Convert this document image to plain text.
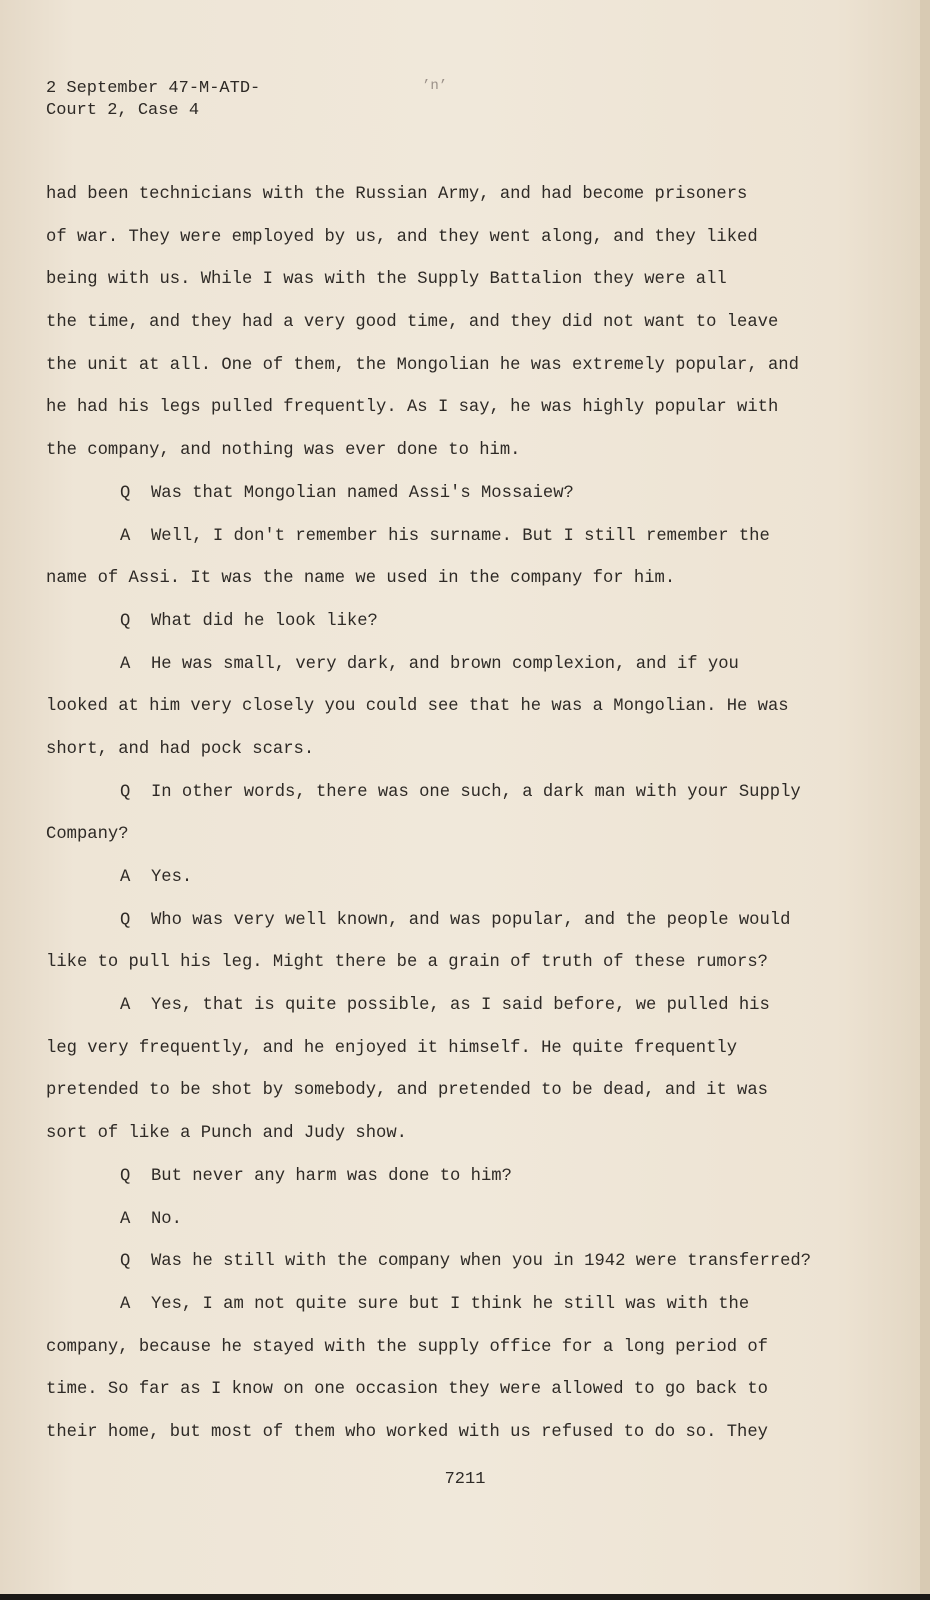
2 September 47-M-ATD-
Court 2, Case 4
’n’
had been technicians with the Russian Army, and had become prisoners
of war. They were employed by us, and they went along, and they liked
being with us. While I was with the Supply Battalion they were all
the time, and they had a very good time, and they did not want to leave
the unit at all. One of them, the Mongolian he was extremely popular, and
he had his legs pulled frequently. As I say, he was highly popular with
the company, and nothing was ever done to him.
Q  Was that Mongolian named Assi's Mossaiew?
A  Well, I don't remember his surname. But I still remember the
name of Assi. It was the name we used in the company for him.
Q  What did he look like?
A  He was small, very dark, and brown complexion, and if you
looked at him very closely you could see that he was a Mongolian. He was
short, and had pock scars.
Q  In other words, there was one such, a dark man with your Supply
Company?
A  Yes.
Q  Who was very well known, and was popular, and the people would
like to pull his leg. Might there be a grain of truth of these rumors?
A  Yes, that is quite possible, as I said before, we pulled his
leg very frequently, and he enjoyed it himself. He quite frequently
pretended to be shot by somebody, and pretended to be dead, and it was
sort of like a Punch and Judy show.
Q  But never any harm was done to him?
A  No.
Q  Was he still with the company when you in 1942 were transferred?
A  Yes, I am not quite sure but I think he still was with the
company, because he stayed with the supply office for a long period of
time. So far as I know on one occasion they were allowed to go back to
their home, but most of them who worked with us refused to do so. They
7211
